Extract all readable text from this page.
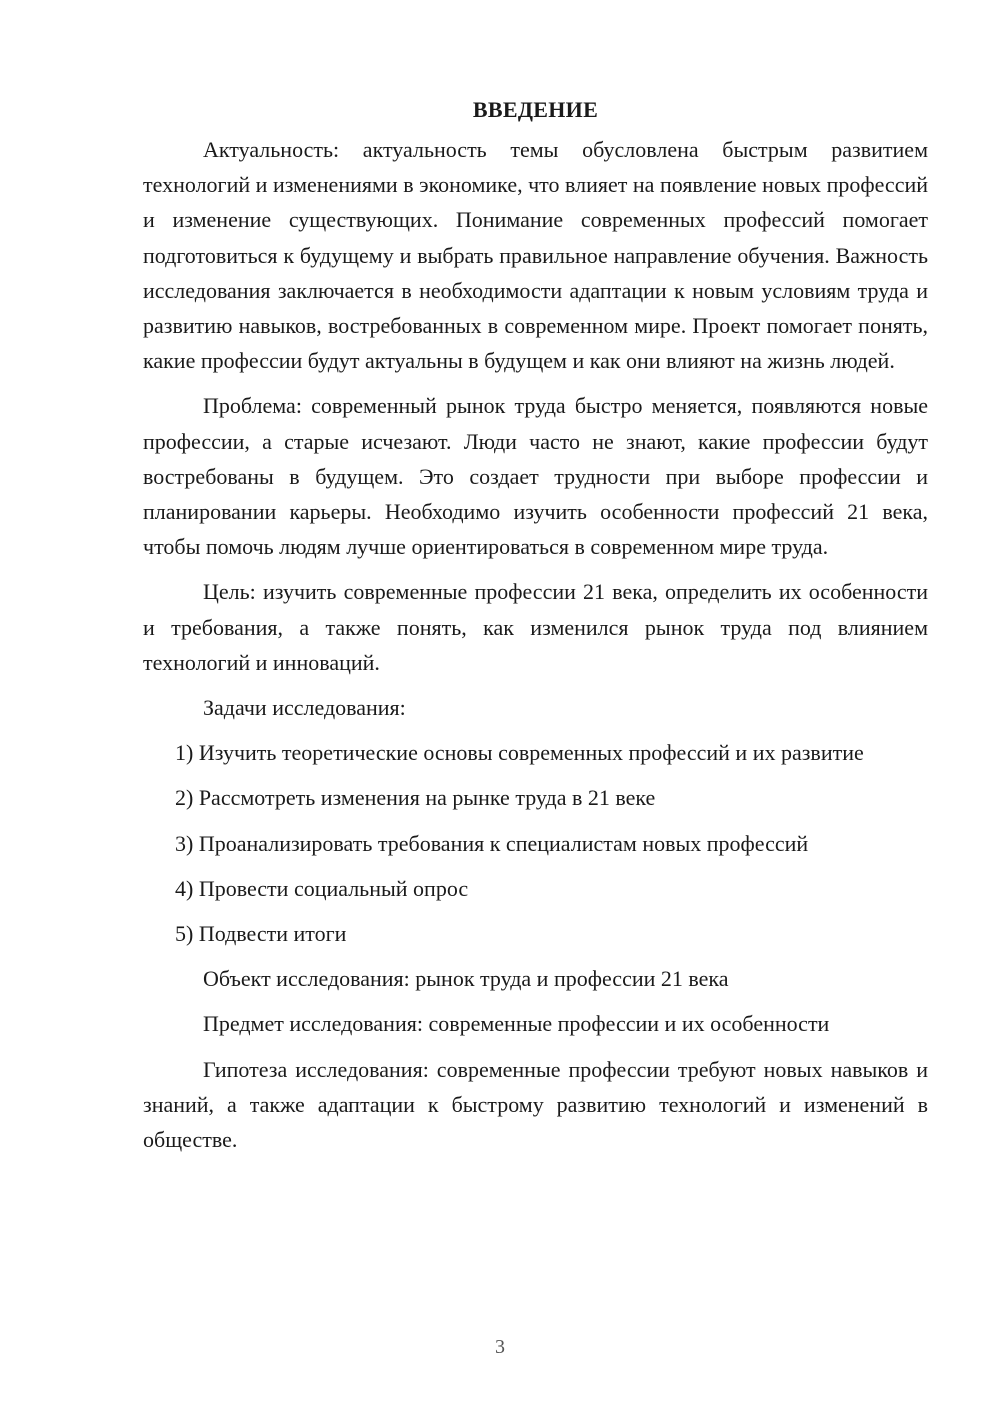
ВВЕДЕНИЕ

Актуальность: актуальность темы обусловлена быстрым развитием технологий и изменениями в экономике, что влияет на появление новых профессий и изменение существующих. Понимание современных профессий помогает подготовиться к будущему и выбрать правильное направление обучения. Важность исследования заключается в необходимости адаптации к новым условиям труда и развитию навыков, востребованных в современном мире. Проект помогает понять, какие профессии будут актуальны в будущем и как они влияют на жизнь людей.

Проблема: современный рынок труда быстро меняется, появляются новые профессии, а старые исчезают. Люди часто не знают, какие профессии будут востребованы в будущем. Это создает трудности при выборе профессии и планировании карьеры. Необходимо изучить особенности профессий 21 века, чтобы помочь людям лучше ориентироваться в современном мире труда.

Цель: изучить современные профессии 21 века, определить их особенности и требования, а также понять, как изменился рынок труда под влиянием технологий и инноваций.

Задачи исследования:

1) Изучить теоретические основы современных профессий и их развитие

2) Рассмотреть изменения на рынке труда в 21 веке

3) Проанализировать требования к специалистам новых профессий

4) Провести социальный опрос

5) Подвести итоги

Объект исследования: рынок труда и профессии 21 века

Предмет исследования: современные профессии и их особенности

Гипотеза исследования: современные профессии требуют новых навыков и знаний, а также адаптации к быстрому развитию технологий и изменений в обществе.

3
